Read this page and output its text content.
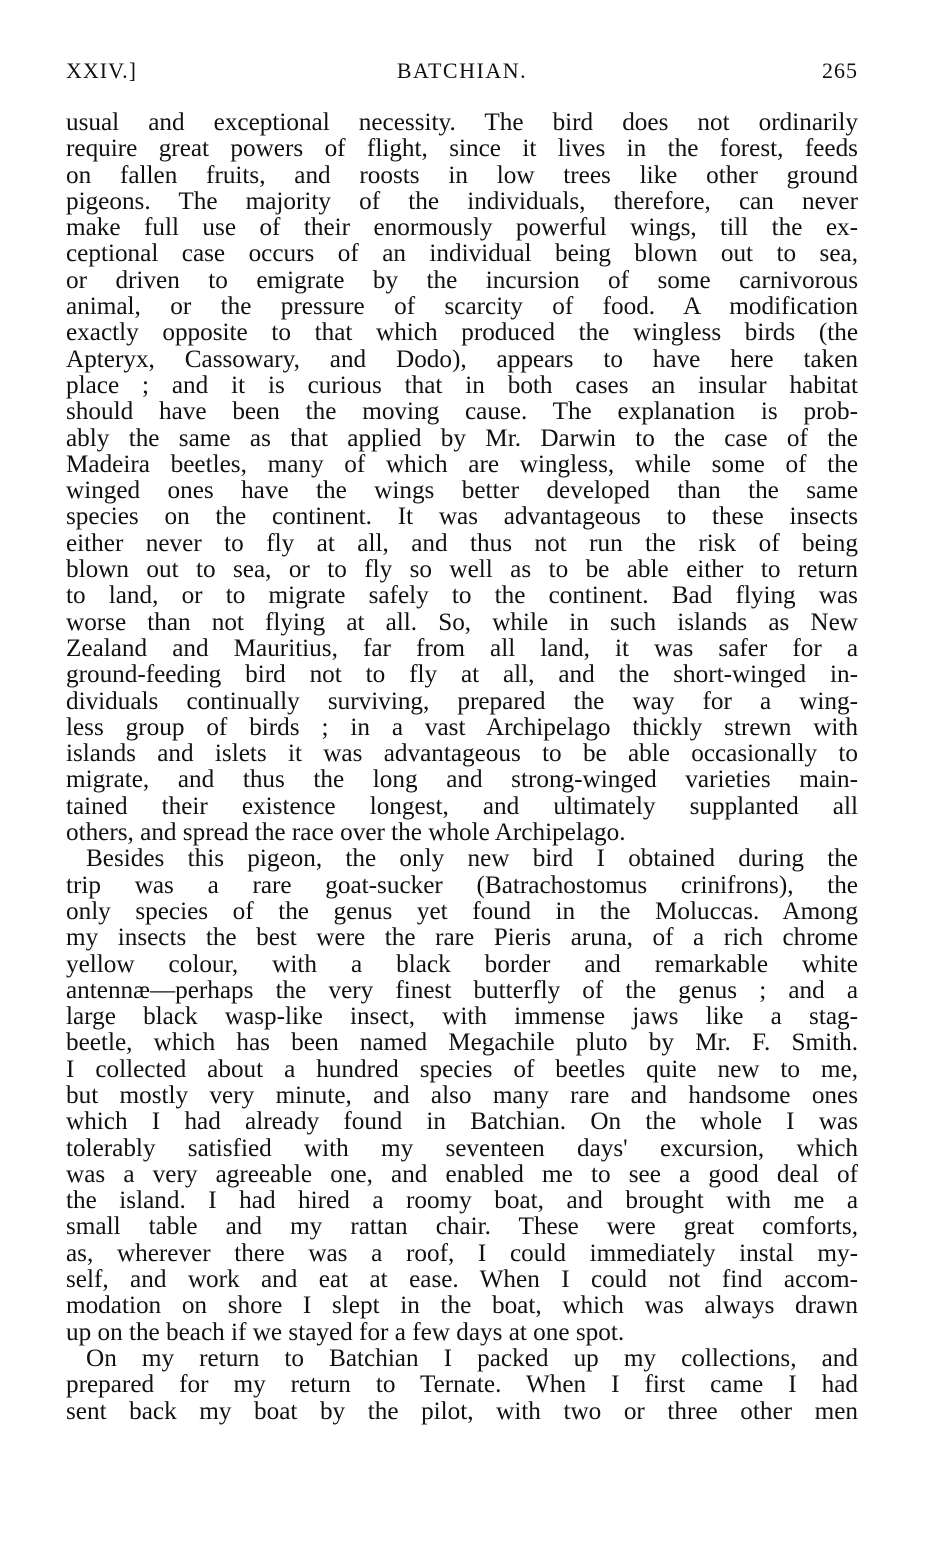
XXIV.]	BATCHIAN.	265
usual and exceptional necessity. The bird does not ordinarily
require great powers of flight, since it lives in the forest, feeds
on fallen fruits, and roosts in low trees like other ground
pigeons. The majority of the individuals, therefore, can never
make full use of their enormously powerful wings, till the ex-
ceptional case occurs of an individual being blown out to sea,
or driven to emigrate by the incursion of some carnivorous
animal, or the pressure of scarcity of food. A modification
exactly opposite to that which produced the wingless birds (the
Apteryx, Cassowary, and Dodo), appears to have here taken
place ; and it is curious that in both cases an insular habitat
should have been the moving cause. The explanation is prob-
ably the same as that applied by Mr. Darwin to the case of the
Madeira beetles, many of which are wingless, while some of the
winged ones have the wings better developed than the same
species on the continent. It was advantageous to these insects
either never to fly at all, and thus not run the risk of being
blown out to sea, or to fly so well as to be able either to return
to land, or to migrate safely to the continent. Bad flying was
worse than not flying at all. So, while in such islands as New
Zealand and Mauritius, far from all land, it was safer for a
ground-feeding bird not to fly at all, and the short-winged in-
dividuals continually surviving, prepared the way for a wing-
less group of birds ; in a vast Archipelago thickly strewn with
islands and islets it was advantageous to be able occasionally to
migrate, and thus the long and strong-winged varieties main-
tained their existence longest, and ultimately supplanted all
others, and spread the race over the whole Archipelago.
Besides this pigeon, the only new bird I obtained during the
trip was a rare goat-sucker (Batrachostomus crinifrons), the
only species of the genus yet found in the Moluccas. Among
my insects the best were the rare Pieris aruna, of a rich chrome
yellow colour, with a black border and remarkable white
antennæ—perhaps the very finest butterfly of the genus ; and a
large black wasp-like insect, with immense jaws like a stag-
beetle, which has been named Megachile pluto by Mr. F. Smith.
I collected about a hundred species of beetles quite new to me,
but mostly very minute, and also many rare and handsome ones
which I had already found in Batchian. On the whole I was
tolerably satisfied with my seventeen days' excursion, which
was a very agreeable one, and enabled me to see a good deal of
the island. I had hired a roomy boat, and brought with me a
small table and my rattan chair. These were great comforts,
as, wherever there was a roof, I could immediately instal my-
self, and work and eat at ease. When I could not find accom-
modation on shore I slept in the boat, which was always drawn
up on the beach if we stayed for a few days at one spot.
On my return to Batchian I packed up my collections, and
prepared for my return to Ternate. When I first came I had
sent back my boat by the pilot, with two or three other men
